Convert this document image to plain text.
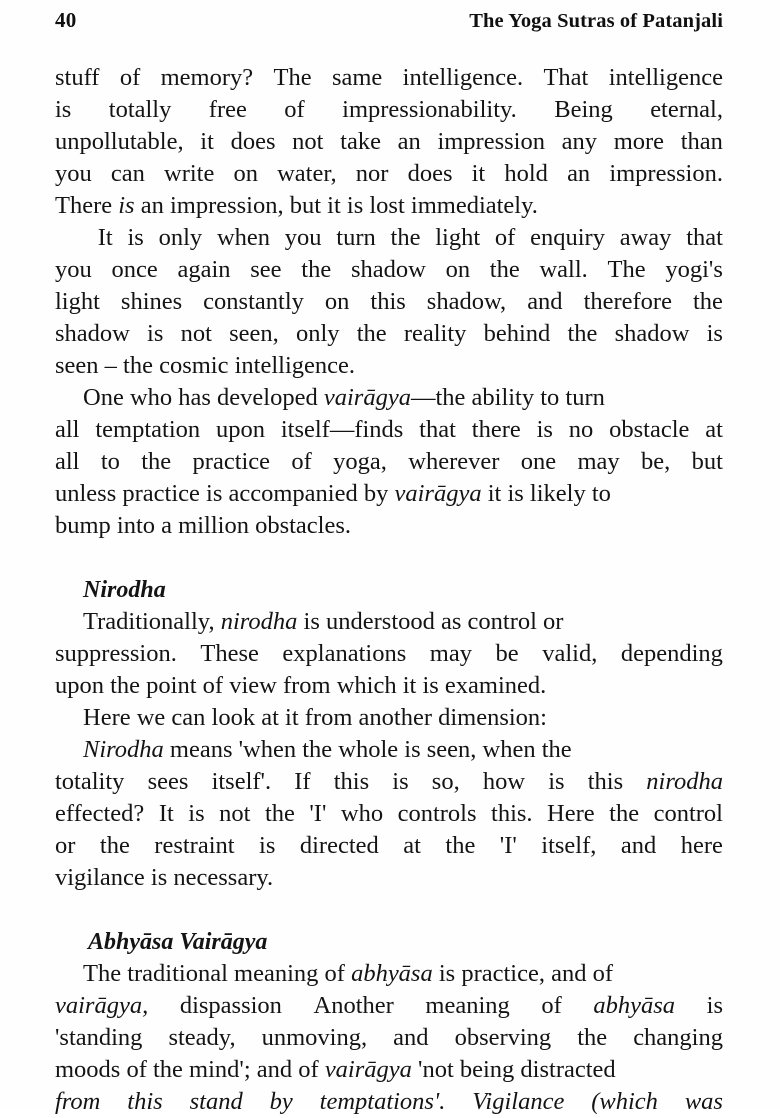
40	The Yoga Sutras of Patanjali
stuff of memory? The same intelligence. That intelligence
is totally free of impressionability. Being eternal,
unpollutable, it does not take an impression any more than
you can write on water, nor does it hold an impression.
There is an impression, but it is lost immediately.
It is only when you turn the light of enquiry away that
you once again see the shadow on the wall. The yogi's
light shines constantly on this shadow, and therefore the
shadow is not seen, only the reality behind the shadow is
seen – the cosmic intelligence.
One who has developed vairāgya —the ability to turn
all temptation upon itself—finds that there is no obstacle at
all to the practice of yoga, wherever one may be, but
unless practice is accompanied by vairāgya it is likely to
bump into a million obstacles.
Nirodha
Traditionally, nirodha is understood as control or
suppression. These explanations may be valid, depending
upon the point of view from which it is examined.
Here we can look at it from another dimension:
Nirodha means 'when the whole is seen, when the
totality sees itself'. If this is so, how is this nirodha
effected? It is not the 'I' who controls this. Here the control
or the restraint is directed at the 'I' itself, and here
vigilance is necessary.
Abhyāsa Vairāgya
The traditional meaning of abhyāsa is practice, and of
vairāgya, dispassion Another meaning of abhyāsa is
'standing steady, unmoving, and observing the changing
moods of the mind'; and of vairāgya 'not being distracted
from this stand by temptations'. Vigilance (which was
